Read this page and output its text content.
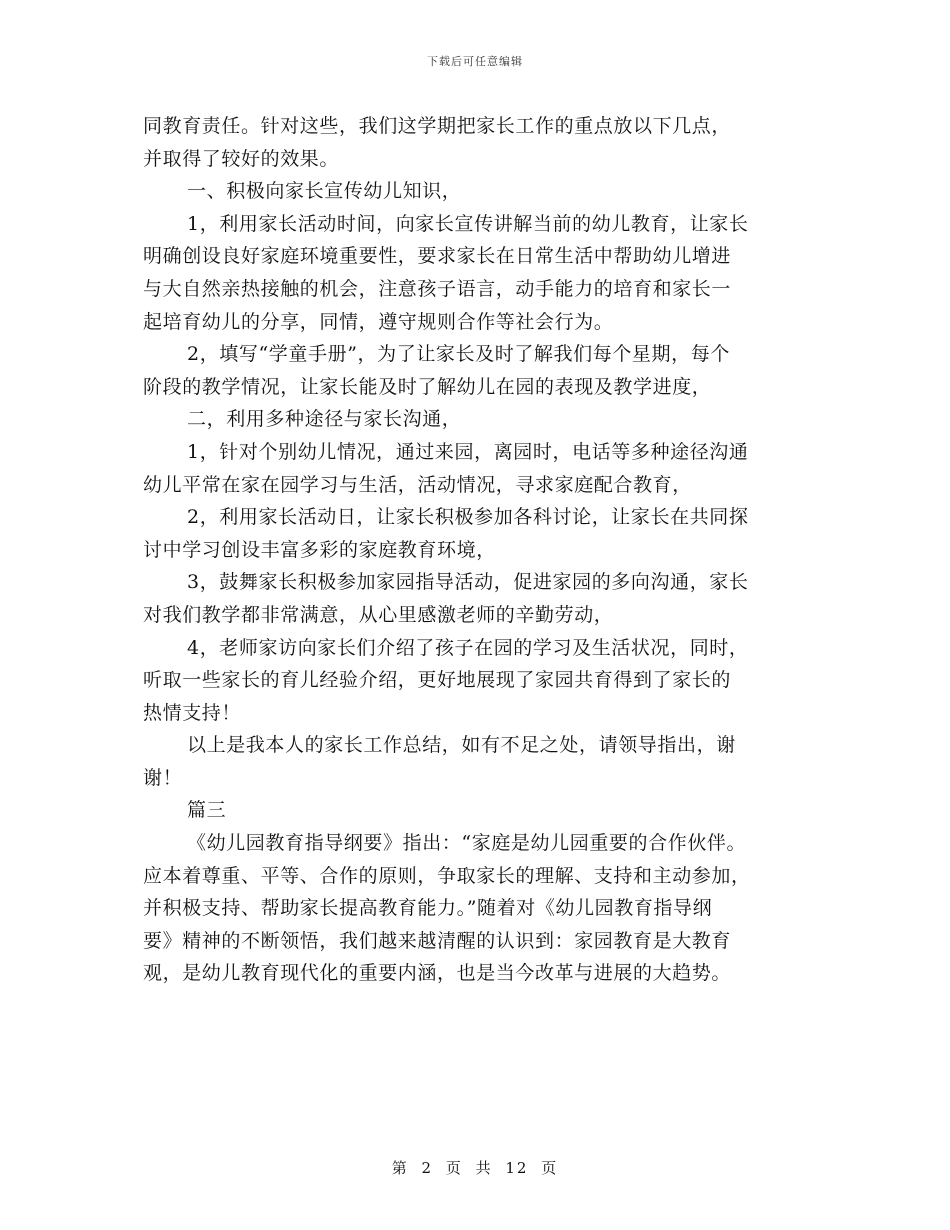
下载后可任意编辑
同教育责任。针对这些，我们这学期把家长工作的重点放以下几点，
并取得了较好的效果。
一、积极向家长宣传幼儿知识，
1，利用家长活动时间，向家长宣传讲解当前的幼儿教育，让家长
明确创设良好家庭环境重要性，要求家长在日常生活中帮助幼儿增进
与大自然亲热接触的机会，注意孩子语言，动手能力的培育和家长一
起培育幼儿的分享，同情，遵守规则合作等社会行为。
2，填写“学童手册”，为了让家长及时了解我们每个星期，每个
阶段的教学情况，让家长能及时了解幼儿在园的表现及教学进度，
二，利用多种途径与家长沟通，
1，针对个别幼儿情况，通过来园，离园时，电话等多种途径沟通
幼儿平常在家在园学习与生活，活动情况，寻求家庭配合教育，
2，利用家长活动日，让家长积极参加各科讨论，让家长在共同探
讨中学习创设丰富多彩的家庭教育环境，
3，鼓舞家长积极参加家园指导活动，促进家园的多向沟通，家长
对我们教学都非常满意，从心里感激老师的辛勤劳动，
4，老师家访向家长们介绍了孩子在园的学习及生活状况，同时，
听取一些家长的育儿经验介绍，更好地展现了家园共育得到了家长的
热情支持！
以上是我本人的家长工作总结，如有不足之处，请领导指出，谢
谢！
篇三
《幼儿园教育指导纲要》指出：“家庭是幼儿园重要的合作伙伴。
应本着尊重、平等、合作的原则，争取家长的理解、支持和主动参加，
并积极支持、帮助家长提高教育能力。”随着对《幼儿园教育指导纲
要》精神的不断领悟，我们越来越清醒的认识到：家园教育是大教育
观，是幼儿教育现代化的重要内涵，也是当今改革与进展的大趋势。
第 2 页 共 12 页
